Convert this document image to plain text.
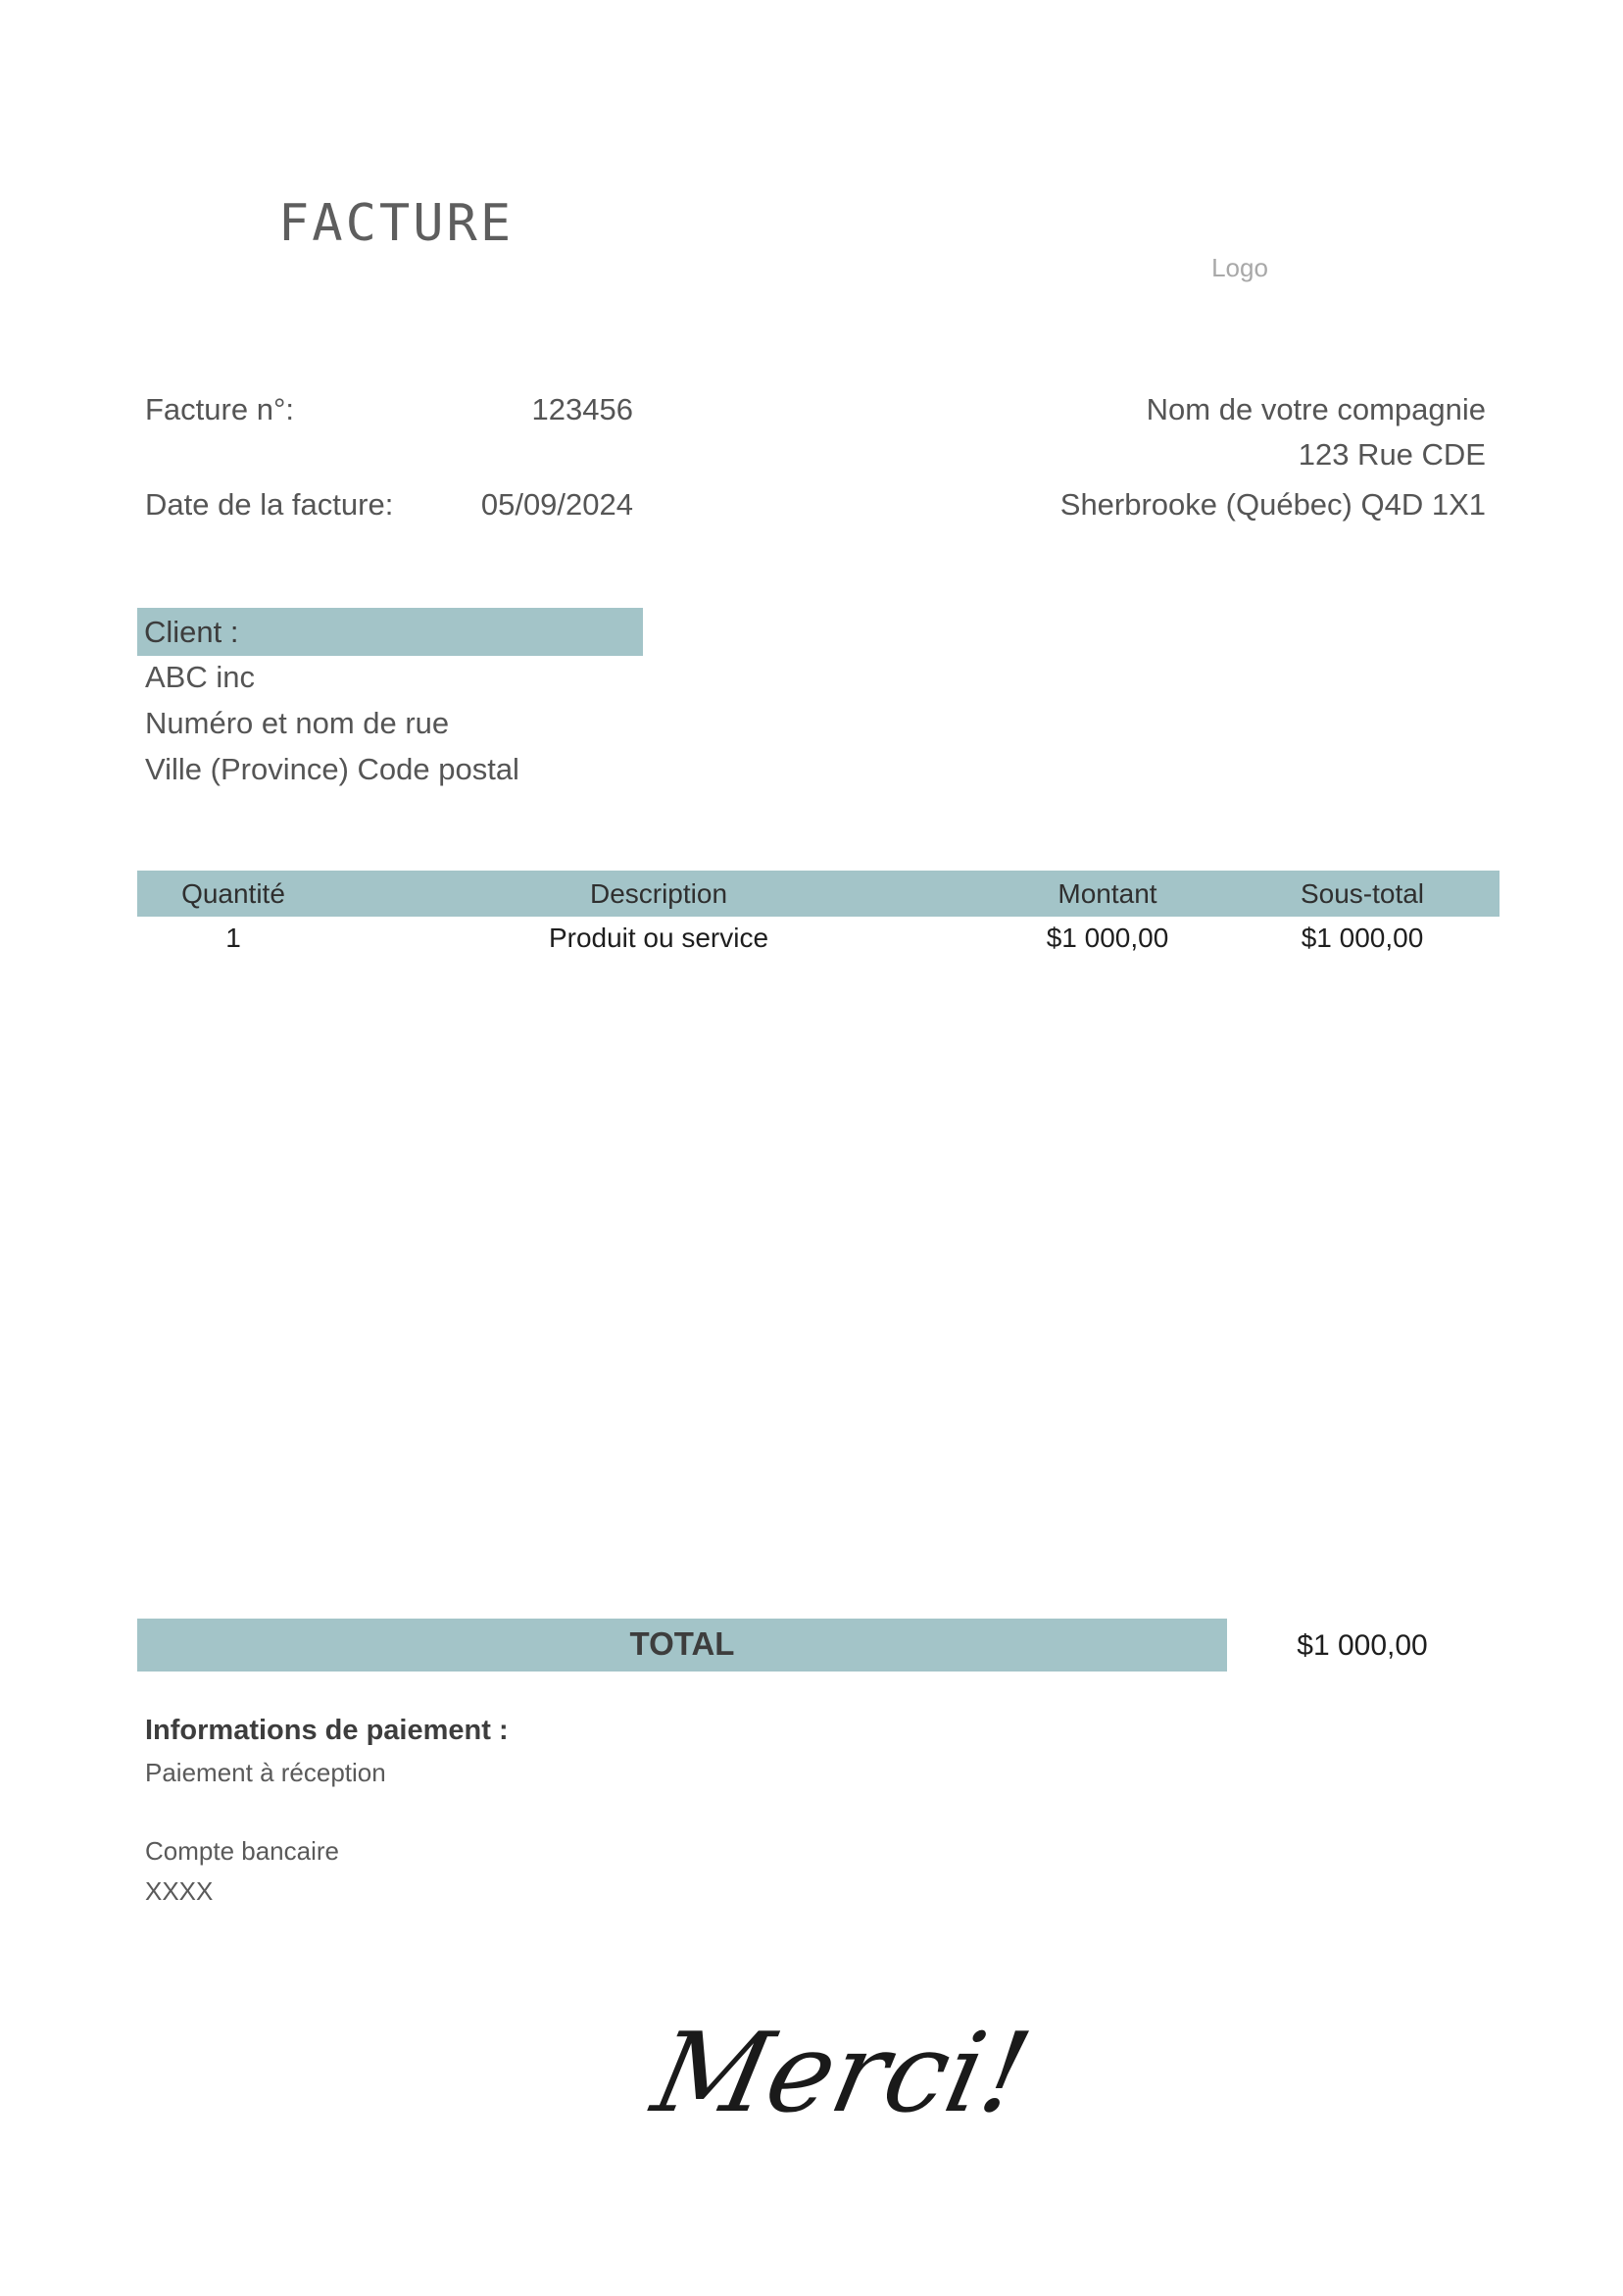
FACTURE
Logo
Facture n°:	123456
Date de la facture:	05/09/2024
Nom de votre compagnie
123 Rue CDE
Sherbrooke (Québec) Q4D 1X1
Client :
ABC inc
Numéro et nom de rue
Ville (Province) Code postal
Quantité	Description	Montant	Sous-total
1	Produit ou service	$1 000,00	$1 000,00
TOTAL	$1 000,00
Informations de paiement :
Paiement à réception
Compte bancaire
XXXX
Merci!
